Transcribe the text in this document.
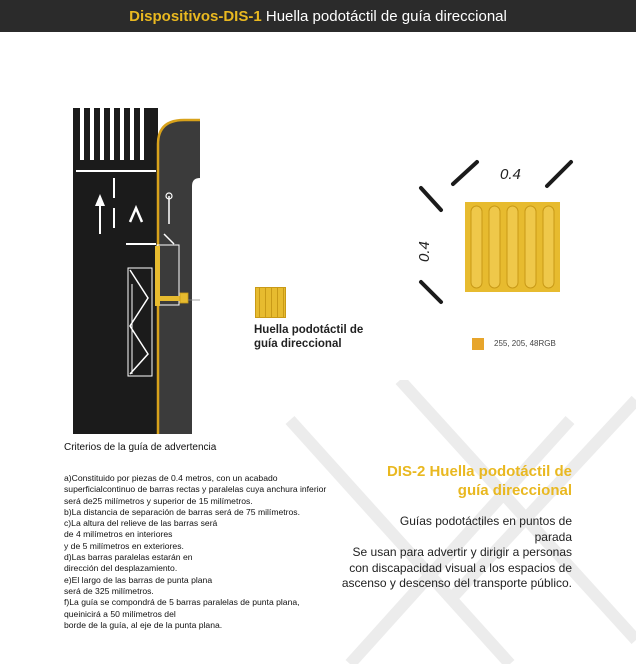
Dispositivos-DIS-1 Huella podotáctil de guía direccional
Huella podotáctil de
guía direccional
0.4
0.4
255, 205, 48RGB
Criterios de la guía de advertencia
a)Constituido por piezas de 0.4 metros, con un acabado superficialcontinuo de barras rectas y paralelas cuya anchura inferior será de25 milímetros y superior de 15 milímetros.
b)La distancia de separación de barras será de 75 milímetros.
c)La altura del relieve de las barras será
de 4 milímetros en interiores
y de 5 milímetros en exteriores.
d)Las barras paralelas estarán en
dirección del desplazamiento.
e)El largo de las barras de punta plana
será de 325 milímetros.
f)La guía se compondrá de 5 barras paralelas de punta plana, queinicirá a 50 milímetros del
borde de la guía, al eje de la punta plana.
DIS-2 Huella podotáctil de
guía direccional
Guías podotáctiles en puntos de
parada
Se usan para advertir y dirigir a personas con discapacidad visual a los espacios de ascenso y descenso del transporte público.
